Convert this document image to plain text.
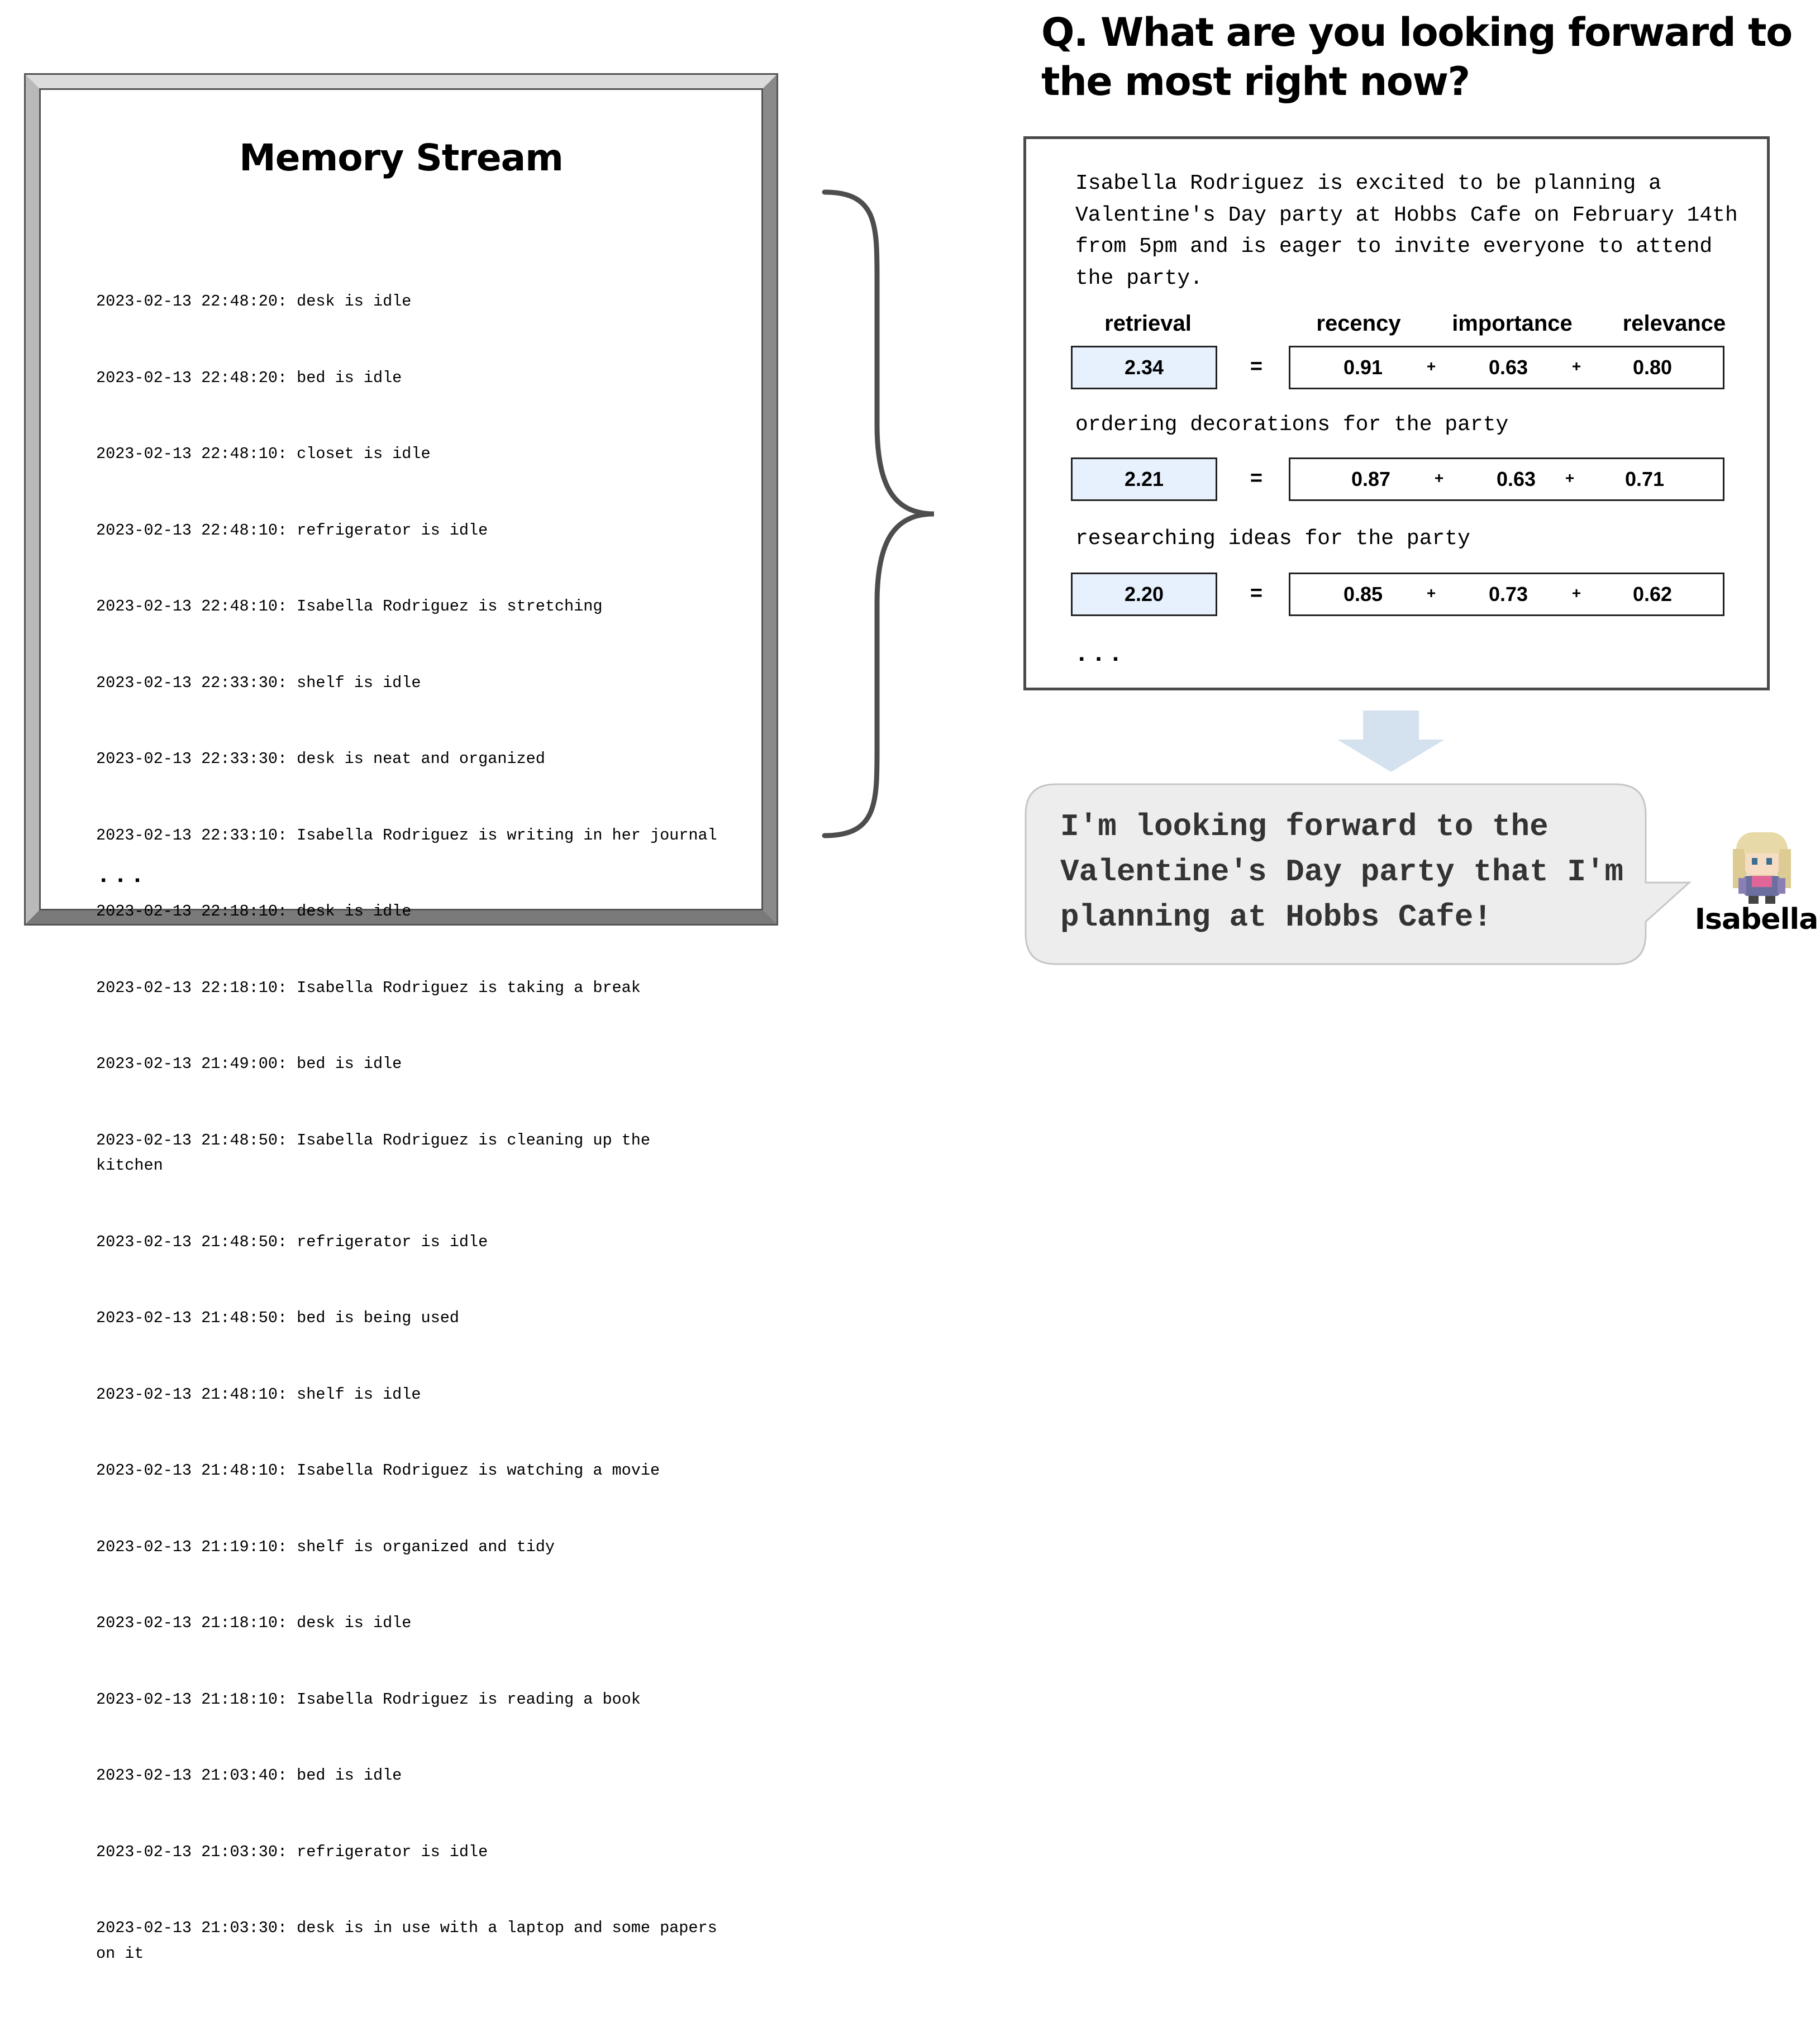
Memory Stream

2023-02-13 22:48:20: desk is idle

2023-02-13 22:48:20: bed is idle

2023-02-13 22:48:10: closet is idle

2023-02-13 22:48:10: refrigerator is idle

2023-02-13 22:48:10: Isabella Rodriguez is stretching

2023-02-13 22:33:30: shelf is idle

2023-02-13 22:33:30: desk is neat and organized

2023-02-13 22:33:10: Isabella Rodriguez is writing in her journal

2023-02-13 22:18:10: desk is idle

2023-02-13 22:18:10: Isabella Rodriguez is taking a break

2023-02-13 21:49:00: bed is idle

2023-02-13 21:48:50: Isabella Rodriguez is cleaning up the
kitchen

2023-02-13 21:48:50: refrigerator is idle

2023-02-13 21:48:50: bed is being used

2023-02-13 21:48:10: shelf is idle

2023-02-13 21:48:10: Isabella Rodriguez is watching a movie

2023-02-13 21:19:10: shelf is organized and tidy

2023-02-13 21:18:10: desk is idle

2023-02-13 21:18:10: Isabella Rodriguez is reading a book

2023-02-13 21:03:40: bed is idle

2023-02-13 21:03:30: refrigerator is idle

2023-02-13 21:03:30: desk is in use with a laptop and some papers
on it

...
Q. What are you looking forward to the most right now?

Isabella Rodriguez is excited to be planning a Valentine's Day party at Hobbs Cafe on February 14th from 5pm and is eager to invite everyone to attend the party.

retrieval	recency	importance	relevance
2.34	=	0.91	+	0.63	+	0.80

ordering decorations for the party

2.21	=	0.87	+	0.63	+	0.71

researching ideas for the party

2.20	=	0.85	+	0.73	+	0.62
...

I'm looking forward to the Valentine's Day party that I'm planning at Hobbs Cafe!	Isabella
